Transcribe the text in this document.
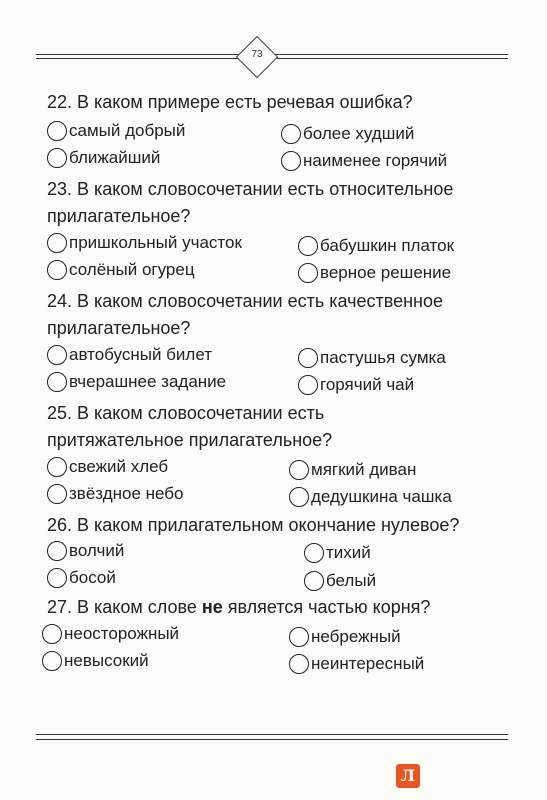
73
22. В каком примере есть речевая ошибка?
самый добрый	более худший
ближайший	наименее горячий
23. В каком словосочетании есть относительное
прилагательное?
пришкольный участок	бабушкин платок
солёный огурец	верное решение
24. В каком словосочетании есть качественное
прилагательное?
автобусный билет	пастушья сумка
вчерашнее задание	горячий чай
25. В каком словосочетании есть
притяжательное прилагательное?
свежий хлеб	мягкий диван
звёздное небо	дедушкина чашка
26. В каком прилагательном окончание нулевое?
волчий	тихий
босой	белый
27. В каком слове не является частью корня?
неосторожный	небрежный
невысокий	неинтересный
Л
